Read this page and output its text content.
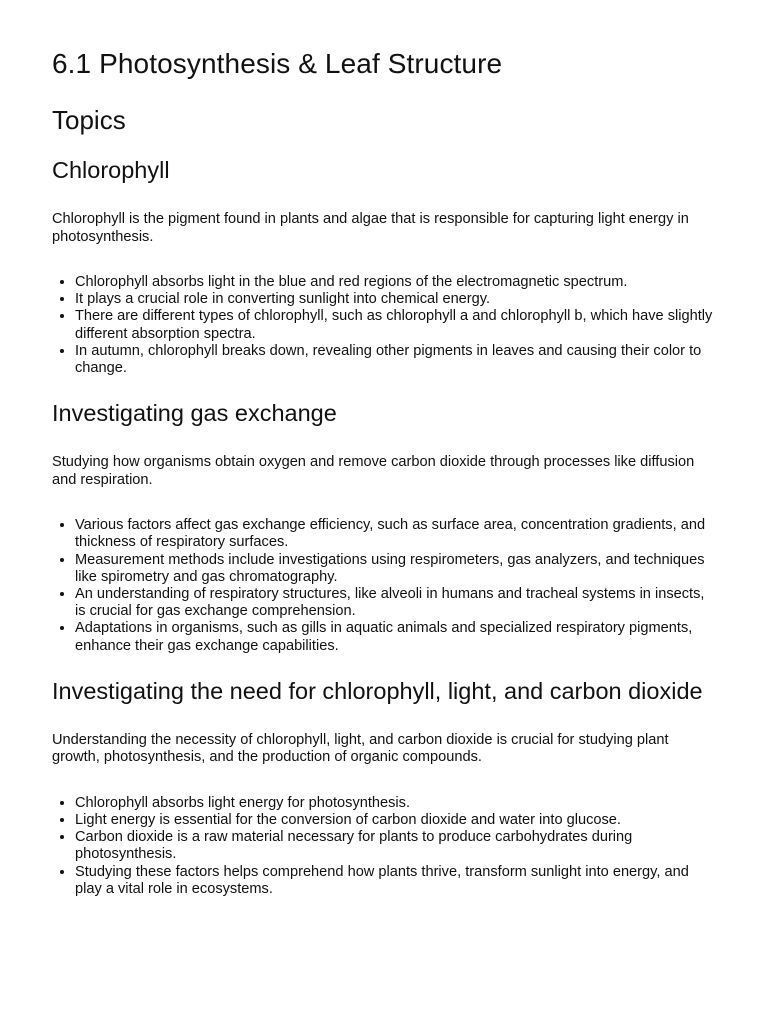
6.1 Photosynthesis & Leaf Structure
Topics
Chlorophyll

Chlorophyll is the pigment found in plants and algae that is responsible for capturing light energy in photosynthesis.

• Chlorophyll absorbs light in the blue and red regions of the electromagnetic spectrum.
• It plays a crucial role in converting sunlight into chemical energy.
• There are different types of chlorophyll, such as chlorophyll a and chlorophyll b, which have slightly different absorption spectra.
• In autumn, chlorophyll breaks down, revealing other pigments in leaves and causing their color to change.
Investigating gas exchange

Studying how organisms obtain oxygen and remove carbon dioxide through processes like diffusion and respiration.

• Various factors affect gas exchange efficiency, such as surface area, concentration gradients, and thickness of respiratory surfaces.
• Measurement methods include investigations using respirometers, gas analyzers, and techniques like spirometry and gas chromatography.
• An understanding of respiratory structures, like alveoli in humans and tracheal systems in insects, is crucial for gas exchange comprehension.
• Adaptations in organisms, such as gills in aquatic animals and specialized respiratory pigments, enhance their gas exchange capabilities.
Investigating the need for chlorophyll, light, and carbon dioxide

Understanding the necessity of chlorophyll, light, and carbon dioxide is crucial for studying plant growth, photosynthesis, and the production of organic compounds.

• Chlorophyll absorbs light energy for photosynthesis.
• Light energy is essential for the conversion of carbon dioxide and water into glucose.
• Carbon dioxide is a raw material necessary for plants to produce carbohydrates during photosynthesis.
• Studying these factors helps comprehend how plants thrive, transform sunlight into energy, and play a vital role in ecosystems.
